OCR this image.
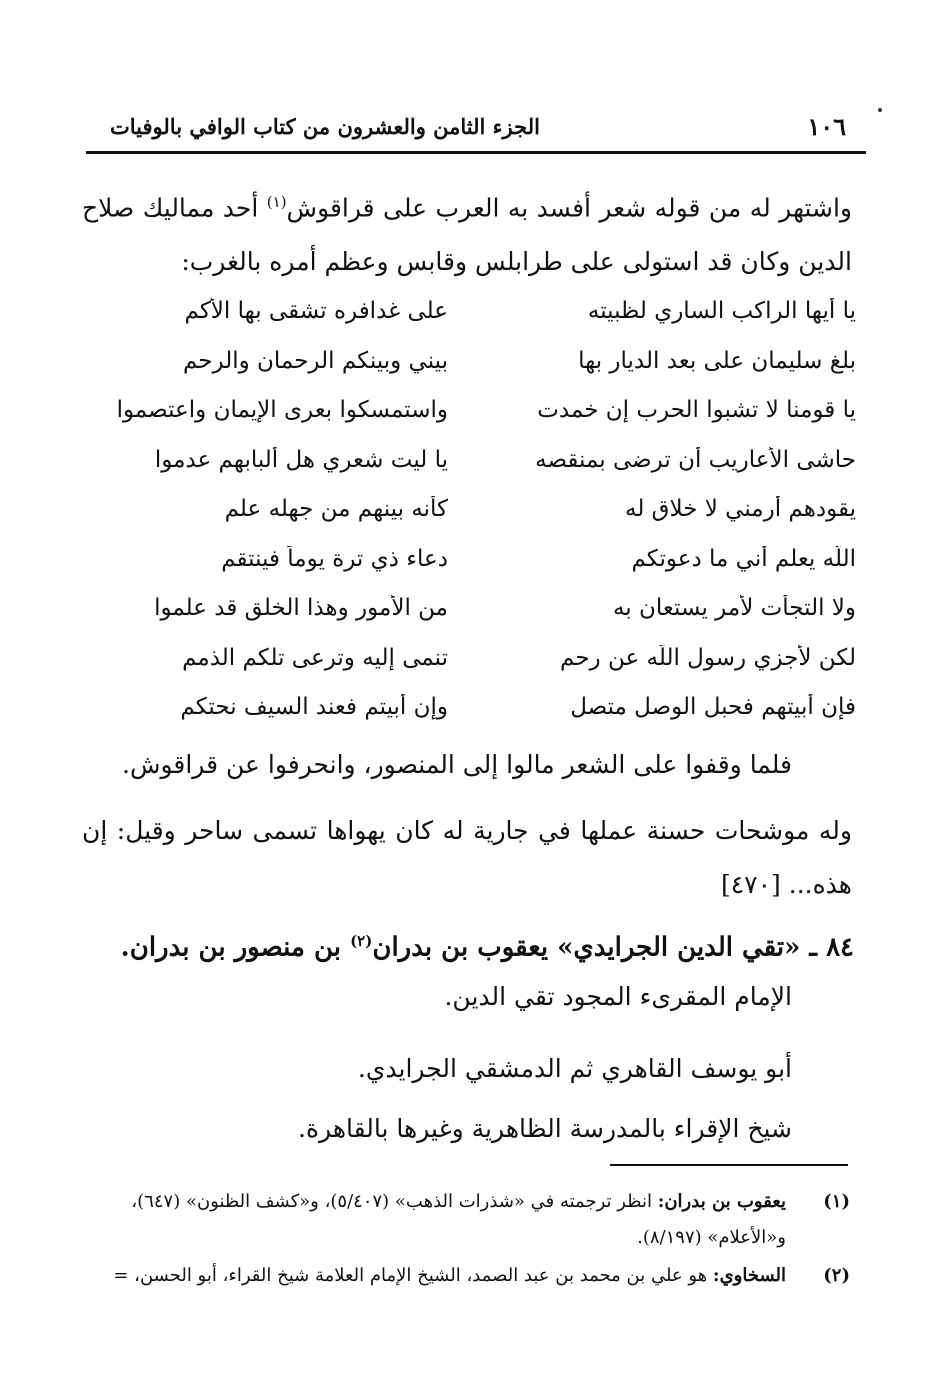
١٠٦
الجزء الثامن والعشرون من كتاب الوافي بالوفيات

واشتهر له من قوله شعر أفسد به العرب على قراقوش$^{(١)}$ أحد مماليك صلاح الدين وكان قد استولى على طرابلس وقابس وعظم أمره بالغرب:

يا أيها الراكب الساري لظبيته
على غدافره تشقى بها الأكم
بلغ سليمان على بعد الديار بها
بيني وبينكم الرحمان والرحم
يا قومنا لا تشبوا الحرب إن خمدت
واستمسكوا بعرى الإيمان واعتصموا
حاشى الأعاريب أن ترضى بمنقصه
يا ليت شعري هل ألبابهم عدموا
يقودهم أرمني لا خلاق له
كأنه بينهم من جهله علم
اللّه يعلم أني ما دعوتكم
دعاء ذي ترة يوماً فينتقم
ولا التجأت لأمر يستعان به
من الأمور وهذا الخلق قد علموا
لكن لأجزي رسول اللّه عن رحم
تنمى إليه وترعى تلكم الذمم
فإن أبيتهم فحبل الوصل متصل
وإن أبيتم فعند السيف نحتكم

فلما وقفوا على الشعر مالوا إلى المنصور، وانحرفوا عن قراقوش.

وله موشحات حسنة عملها في جارية له كان يهواها تسمى ساحر وقيل: إن هذه... [٤٧٠]

٨٤ ـ «تقي الدين الجرايدي» يعقوب بن بدران$^{(٢)}$ بن منصور بن بدران.
الإمام المقرىء المجود تقي الدين.
أبو يوسف القاهري ثم الدمشقي الجرايدي.
شيخ الإقراء بالمدرسة الظاهرية وغيرها بالقاهرة.
(١)
يعقوب بن بدران: انظر ترجمته في «شذرات الذهب» (٥/٤٠٧)، و«كشف الظنون» (٦٤٧)، و«الأعلام» (٨/١٩٧).
(٢)
السخاوي: هو علي بن محمد بن عبد الصمد، الشيخ الإمام العلامة شيخ القراء، أبو الحسن، =
